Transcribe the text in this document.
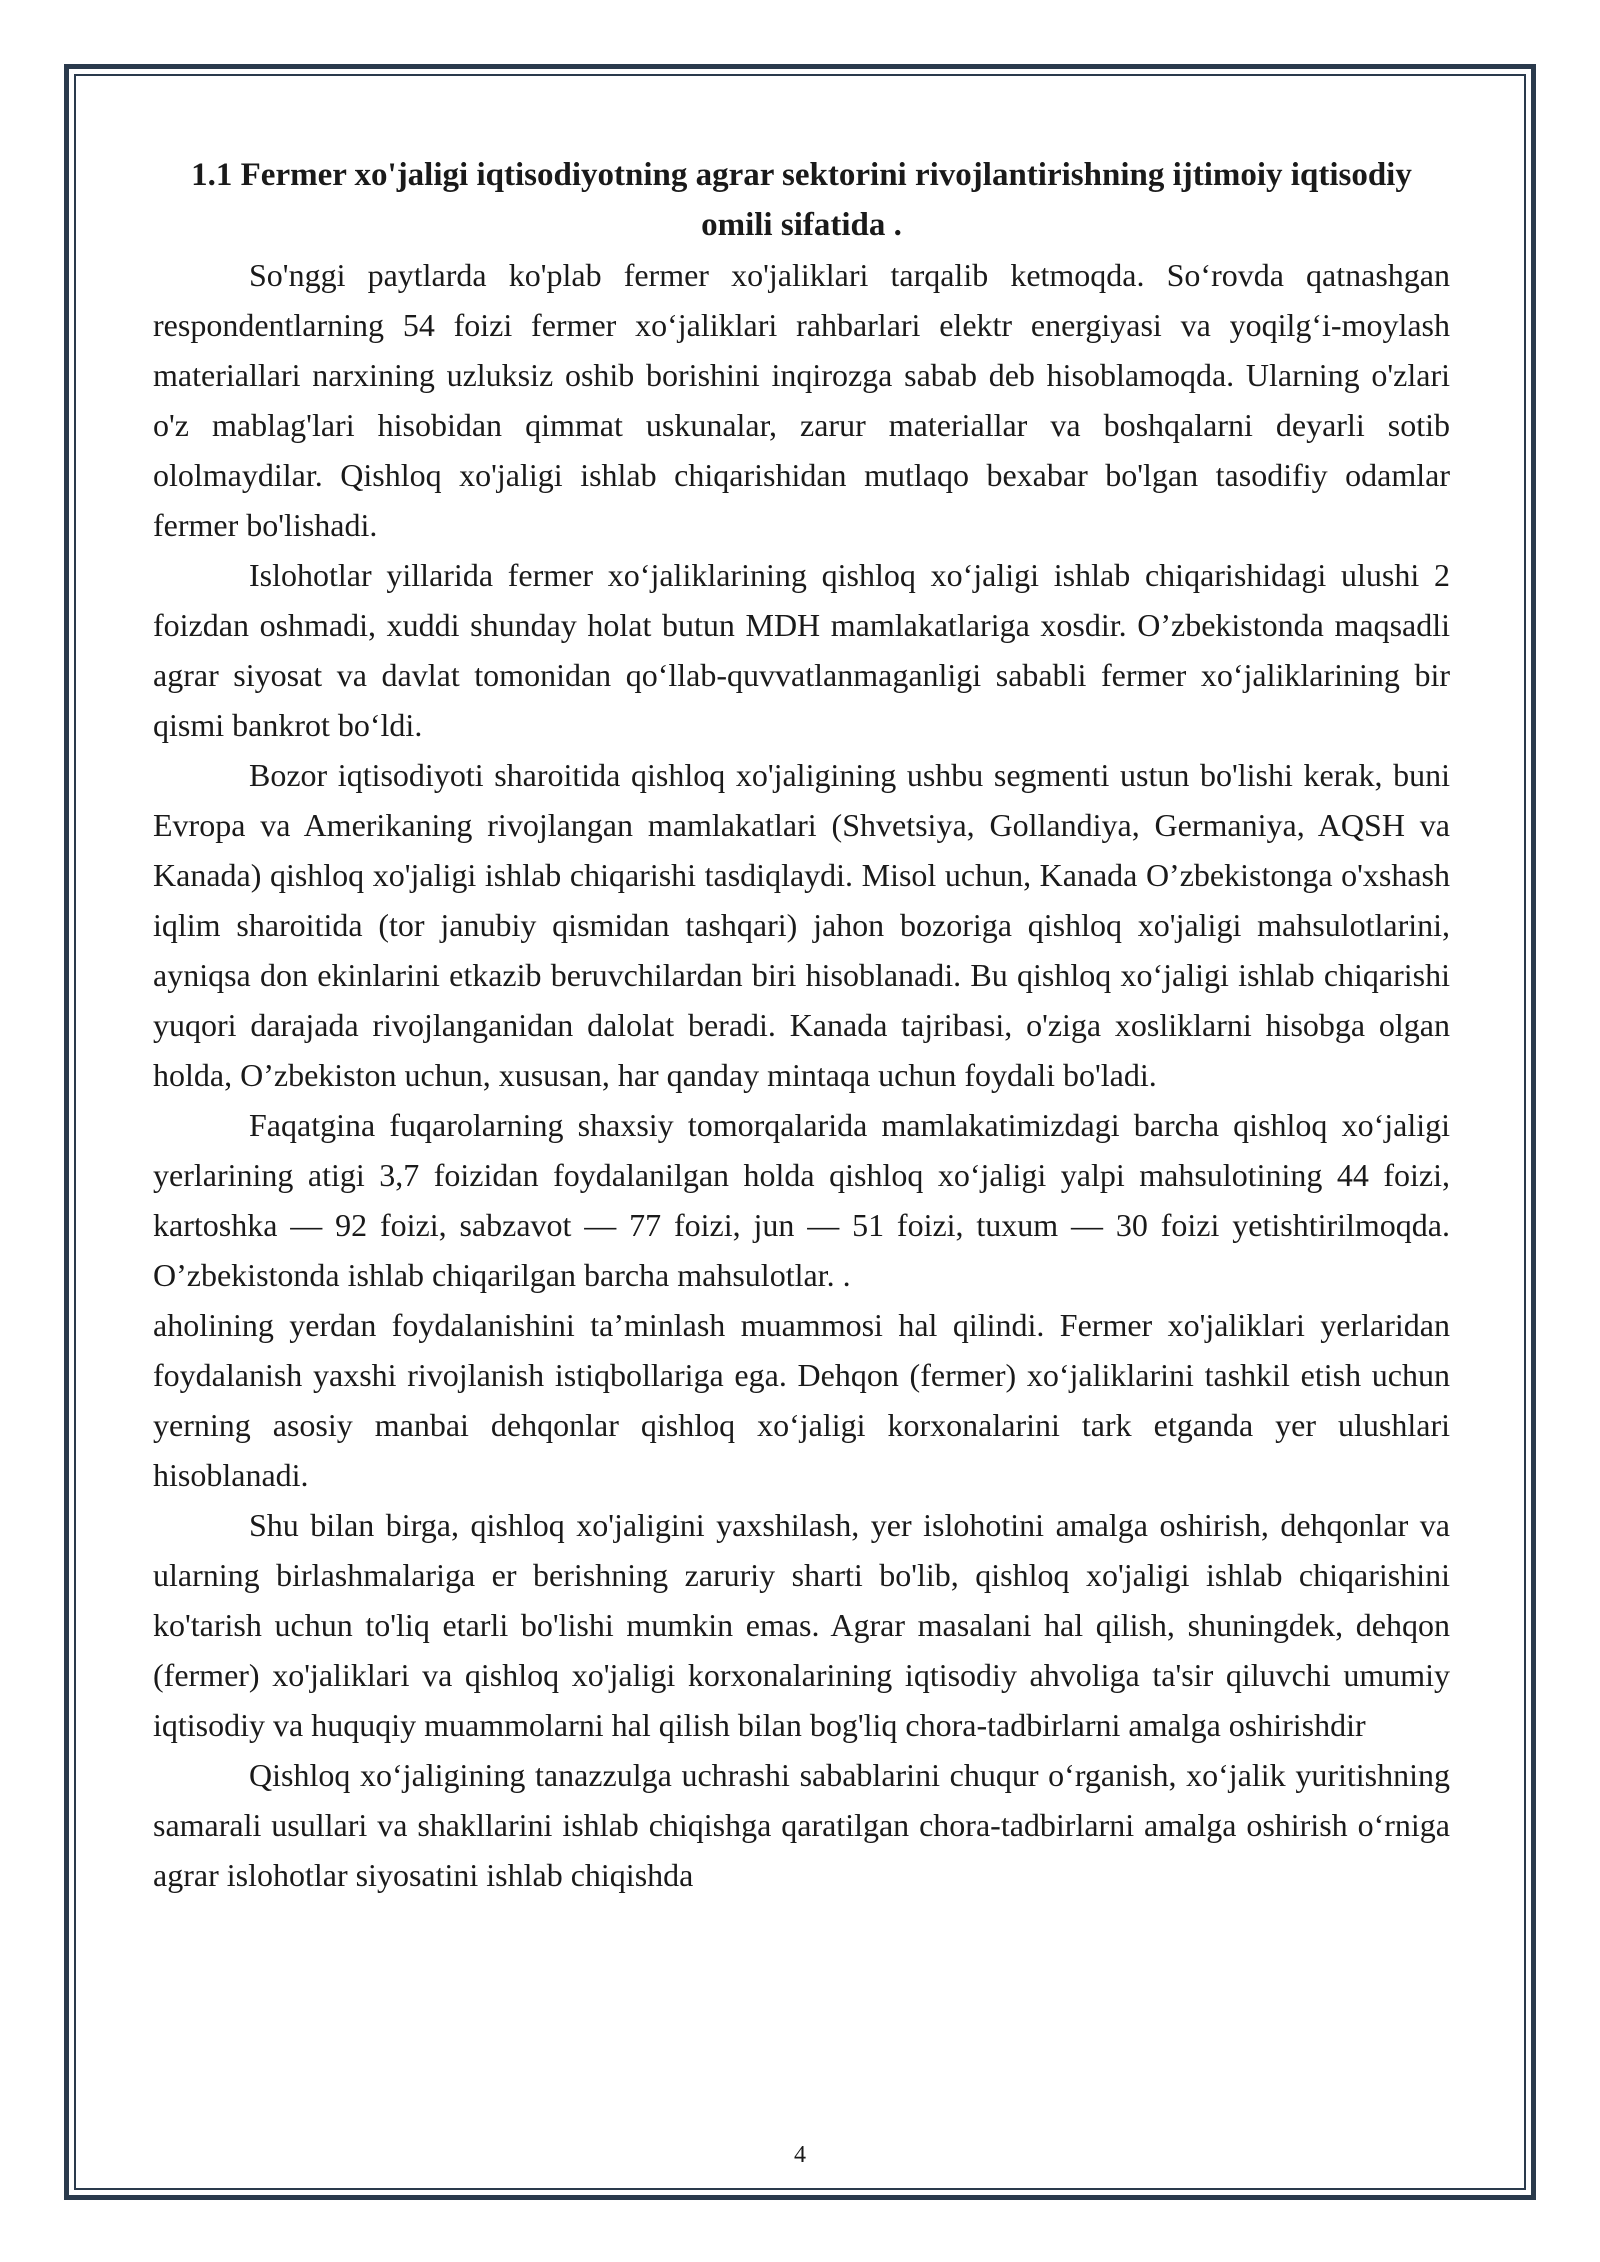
1.1 Fermer xo'jaligi iqtisodiyotning agrar sektorini rivojlantirishning ijtimoiy iqtisodiy omili sifatida .

So'nggi paytlarda ko'plab fermer xo'jaliklari tarqalib ketmoqda. So‘rovda qatnashgan respondentlarning 54 foizi fermer xo‘jaliklari rahbarlari elektr energiyasi va yoqilg‘i-moylash materiallari narxining uzluksiz oshib borishini inqirozga sabab deb hisoblamoqda. Ularning o'zlari o'z mablag'lari hisobidan qimmat uskunalar, zarur materiallar va boshqalarni deyarli sotib ololmaydilar. Qishloq xo'jaligi ishlab chiqarishidan mutlaqo bexabar bo'lgan tasodifiy odamlar fermer bo'lishadi.

Islohotlar yillarida fermer xo‘jaliklarining qishloq xo‘jaligi ishlab chiqarishidagi ulushi 2 foizdan oshmadi, xuddi shunday holat butun MDH mamlakatlariga xosdir. O’zbekistonda maqsadli agrar siyosat va davlat tomonidan qo‘llab-quvvatlanmaganligi sababli fermer xo‘jaliklarining bir qismi bankrot bo‘ldi.

Bozor iqtisodiyoti sharoitida qishloq xo'jaligining ushbu segmenti ustun bo'lishi kerak, buni Evropa va Amerikaning rivojlangan mamlakatlari (Shvetsiya, Gollandiya, Germaniya, AQSH va Kanada) qishloq xo'jaligi ishlab chiqarishi tasdiqlaydi. Misol uchun, Kanada O’zbekistonga o'xshash iqlim sharoitida (tor janubiy qismidan tashqari) jahon bozoriga qishloq xo'jaligi mahsulotlarini, ayniqsa don ekinlarini etkazib beruvchilardan biri hisoblanadi. Bu qishloq xo‘jaligi ishlab chiqarishi yuqori darajada rivojlanganidan dalolat beradi. Kanada tajribasi, o'ziga xosliklarni hisobga olgan holda, O’zbekiston uchun, xususan, har qanday mintaqa uchun foydali bo'ladi.

Faqatgina fuqarolarning shaxsiy tomorqalarida mamlakatimizdagi barcha qishloq xo‘jaligi yerlarining atigi 3,7 foizidan foydalanilgan holda qishloq xo‘jaligi yalpi mahsulotining 44 foizi, kartoshka — 92 foizi, sabzavot — 77 foizi, jun — 51 foizi, tuxum — 30 foizi yetishtirilmoqda. O’zbekistonda ishlab chiqarilgan barcha mahsulotlar. .

aholining yerdan foydalanishini ta’minlash muammosi hal qilindi. Fermer xo'jaliklari yerlaridan foydalanish yaxshi rivojlanish istiqbollariga ega. Dehqon (fermer) xo‘jaliklarini tashkil etish uchun yerning asosiy manbai dehqonlar qishloq xo‘jaligi korxonalarini tark etganda yer ulushlari hisoblanadi.

Shu bilan birga, qishloq xo'jaligini yaxshilash, yer islohotini amalga oshirish, dehqonlar va ularning birlashmalariga er berishning zaruriy sharti bo'lib, qishloq xo'jaligi ishlab chiqarishini ko'tarish uchun to'liq etarli bo'lishi mumkin emas. Agrar masalani hal qilish, shuningdek, dehqon (fermer) xo'jaliklari va qishloq xo'jaligi korxonalarining iqtisodiy ahvoliga ta'sir qiluvchi umumiy iqtisodiy va huquqiy muammolarni hal qilish bilan bog'liq chora-tadbirlarni amalga oshirishdir

Qishloq xo‘jaligining tanazzulga uchrashi sabablarini chuqur o‘rganish, xo‘jalik yuritishning samarali usullari va shakllarini ishlab chiqishga qaratilgan chora-tadbirlarni amalga oshirish o‘rniga agrar islohotlar siyosatini ishlab chiqishda

4
